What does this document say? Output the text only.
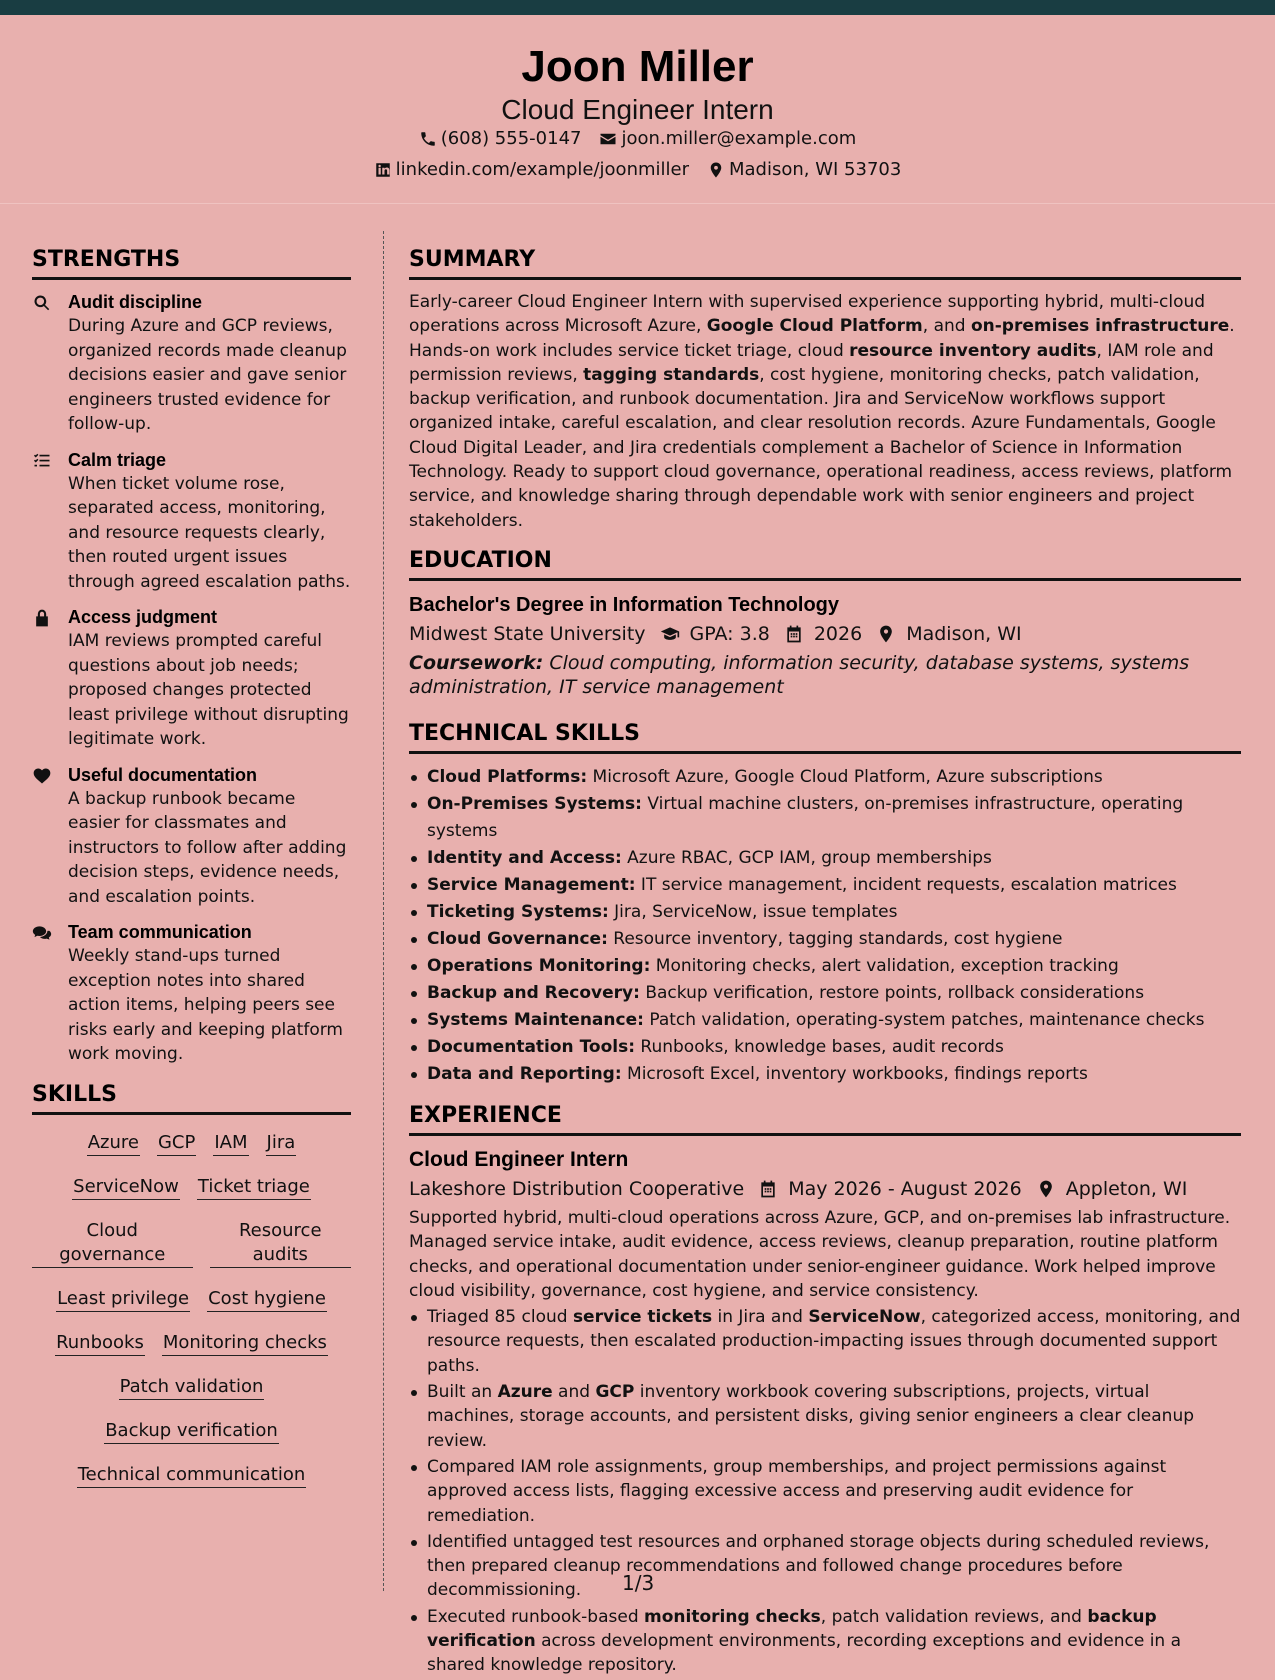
Joon Miller
Cloud Engineer Intern
(608) 555-0147 joon.miller@example.com
linkedin.com/example/joonmiller Madison, WI 53703
STRENGTHS
Audit discipline
During Azure and GCP reviews, organized records made cleanup decisions easier and gave senior engineers trusted evidence for follow-up.
Calm triage
When ticket volume rose, separated access, monitoring, and resource requests clearly, then routed urgent issues through agreed escalation paths.
Access judgment
IAM reviews prompted careful questions about job needs; proposed changes protected least privilege without disrupting legitimate work.
Useful documentation
A backup runbook became easier for classmates and instructors to follow after adding decision steps, evidence needs, and escalation points.
Team communication
Weekly stand-ups turned exception notes into shared action items, helping peers see risks early and keeping platform work moving.
SKILLS
Azure GCP IAM Jira
ServiceNow Ticket triage
Cloud governance
Resource audits
Least privilege Cost hygiene
Runbooks Monitoring checks
Patch validation
Backup verification
Technical communication
SUMMARY

Early-career Cloud Engineer Intern with supervised experience supporting hybrid, multi-cloud operations across Microsoft Azure, Google Cloud Platform, and on-premises infrastructure. Hands-on work includes service ticket triage, cloud resource inventory audits, IAM role and permission reviews, tagging standards, cost hygiene, monitoring checks, patch validation, backup verification, and runbook documentation. Jira and ServiceNow workflows support organized intake, careful escalation, and clear resolution records. Azure Fundamentals, Google Cloud Digital Leader, and Jira credentials complement a Bachelor of Science in Information Technology. Ready to support cloud governance, operational readiness, access reviews, platform service, and knowledge sharing through dependable work with senior engineers and project stakeholders.

EDUCATION
Bachelor's Degree in Information Technology
Midwest State University GPA: 3.8 2026 Madison, WI
Coursework: Cloud computing, information security, database systems, systems administration, IT service management
TECHNICAL SKILLS
Cloud Platforms: Microsoft Azure, Google Cloud Platform, Azure subscriptions
On-Premises Systems: Virtual machine clusters, on-premises infrastructure, operating systems
Identity and Access: Azure RBAC, GCP IAM, group memberships
Service Management: IT service management, incident requests, escalation matrices
Ticketing Systems: Jira, ServiceNow, issue templates
Cloud Governance: Resource inventory, tagging standards, cost hygiene
Operations Monitoring: Monitoring checks, alert validation, exception tracking
Backup and Recovery: Backup verification, restore points, rollback considerations
Systems Maintenance: Patch validation, operating-system patches, maintenance checks
Documentation Tools: Runbooks, knowledge bases, audit records
Data and Reporting: Microsoft Excel, inventory workbooks, findings reports
EXPERIENCE
Cloud Engineer Intern
Lakeshore Distribution Cooperative May 2026 - August 2026 Appleton, WI

Supported hybrid, multi-cloud operations across Azure, GCP, and on-premises lab infrastructure. Managed service intake, audit evidence, access reviews, cleanup preparation, routine platform checks, and operational documentation under senior-engineer guidance. Work helped improve cloud visibility, governance, cost hygiene, and service consistency.

Triaged 85 cloud service tickets in Jira and ServiceNow, categorized access, monitoring, and resource requests, then escalated production-impacting issues through documented support paths.
Built an Azure and GCP inventory workbook covering subscriptions, projects, virtual machines, storage accounts, and persistent disks, giving senior engineers a clear cleanup review.
Compared IAM role assignments, group memberships, and project permissions against approved access lists, flagging excessive access and preserving audit evidence for remediation.
Identified untagged test resources and orphaned storage objects during scheduled reviews, then prepared cleanup recommendations and followed change procedures before decommissioning.
Executed runbook-based monitoring checks, patch validation reviews, and backup verification across development environments, recording exceptions and evidence in a shared knowledge repository.
1/3
